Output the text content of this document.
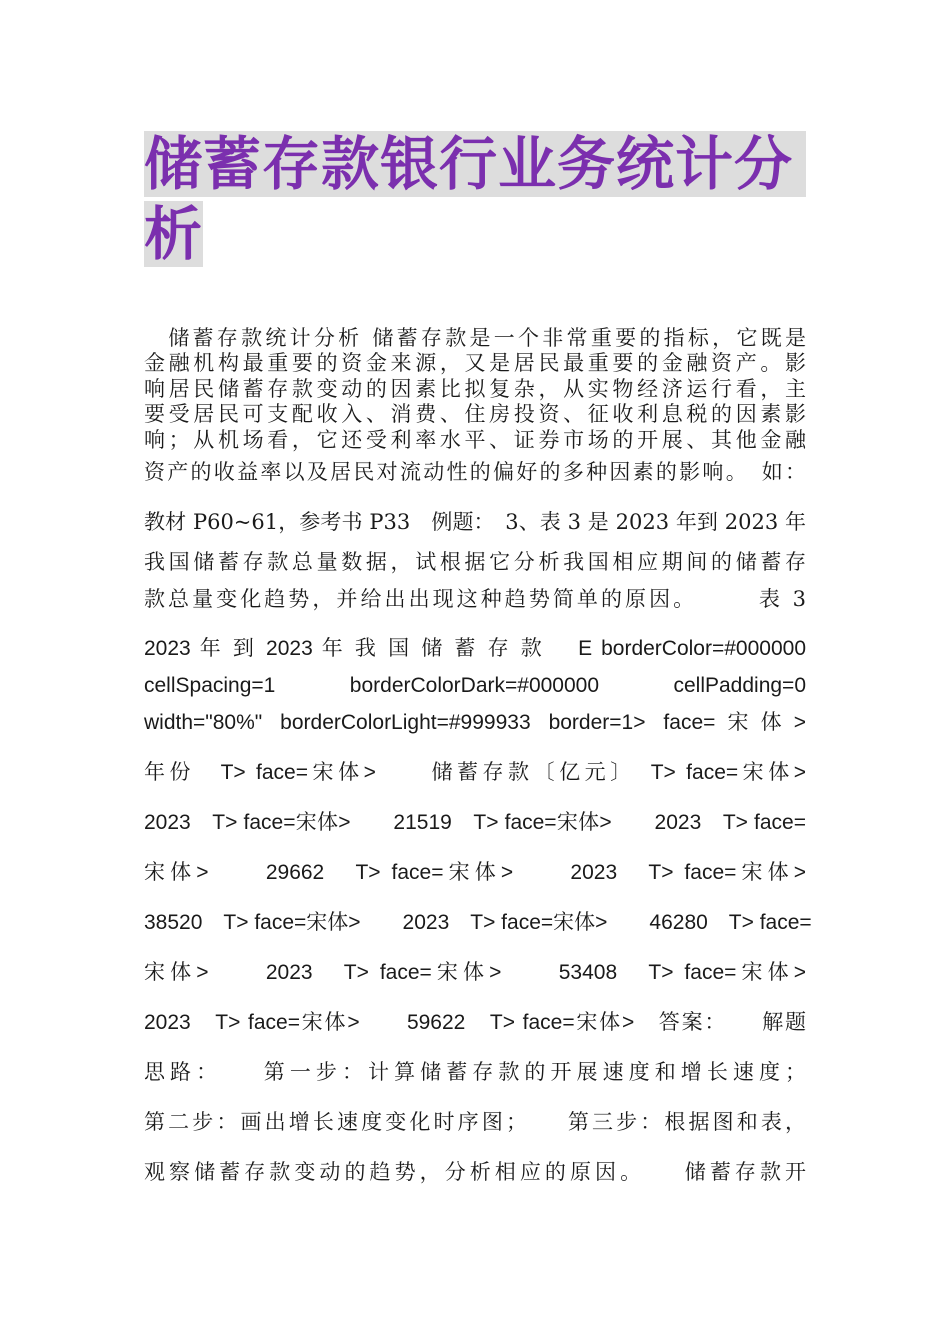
储蓄存款银行业务统计分
析
　储蓄存款统计分析 储蓄存款是一个非常重要的指标，它既是
金融机构最重要的资金来源，又是居民最重要的金融资产。影
响居民储蓄存款变动的因素比拟复杂，从实物经济运行看，主
要受居民可支配收入、消费、住房投资、征收利息税的因素影
响；从机场看，它还受利率水平、证券市场的开展、其他金融
资产的收益率以及居民对流动性的偏好的多种因素的影响。　如：
教材 P60~61，参考书 P33　例题：　3、表 3 是 2023 年到 2023 年
我国储蓄存款总量数据，试根据它分析我国相应期间的储蓄存
款总量变化趋势，并给出出现这种趋势简单的原因。　　　表 3
2023 年 到 2023 年 我 国 储 蓄 存 款　 E borderColor=#000000
cellSpacing=1　　　borderColorDark=#000000　　　cellPadding=0
width="80%" borderColorLight=#999933 border=1> face=宋体>
年份　T> face=宋体>　　储蓄存款〔亿元〕　T> face=宋体>
2023　T> face=宋体>　　21519　T> face=宋体>　　2023　T> face=
宋体>　　29662　T> face=宋体>　　2023　T> face=宋体>
38520　T> face=宋体>　　2023　T> face=宋体>　　46280　T> face=
宋体>　　2023　T> face=宋体>　　53408　T> face=宋体>
2023　T> face=宋体>　　59622　T> face=宋体>　答案：　　解题
思路：　　第一步：计算储蓄存款的开展速度和增长速度；
第二步：画出增长速度变化时序图；　　第三步：根据图和表，
观察储蓄存款变动的趋势，分析相应的原因。　　储蓄存款开
